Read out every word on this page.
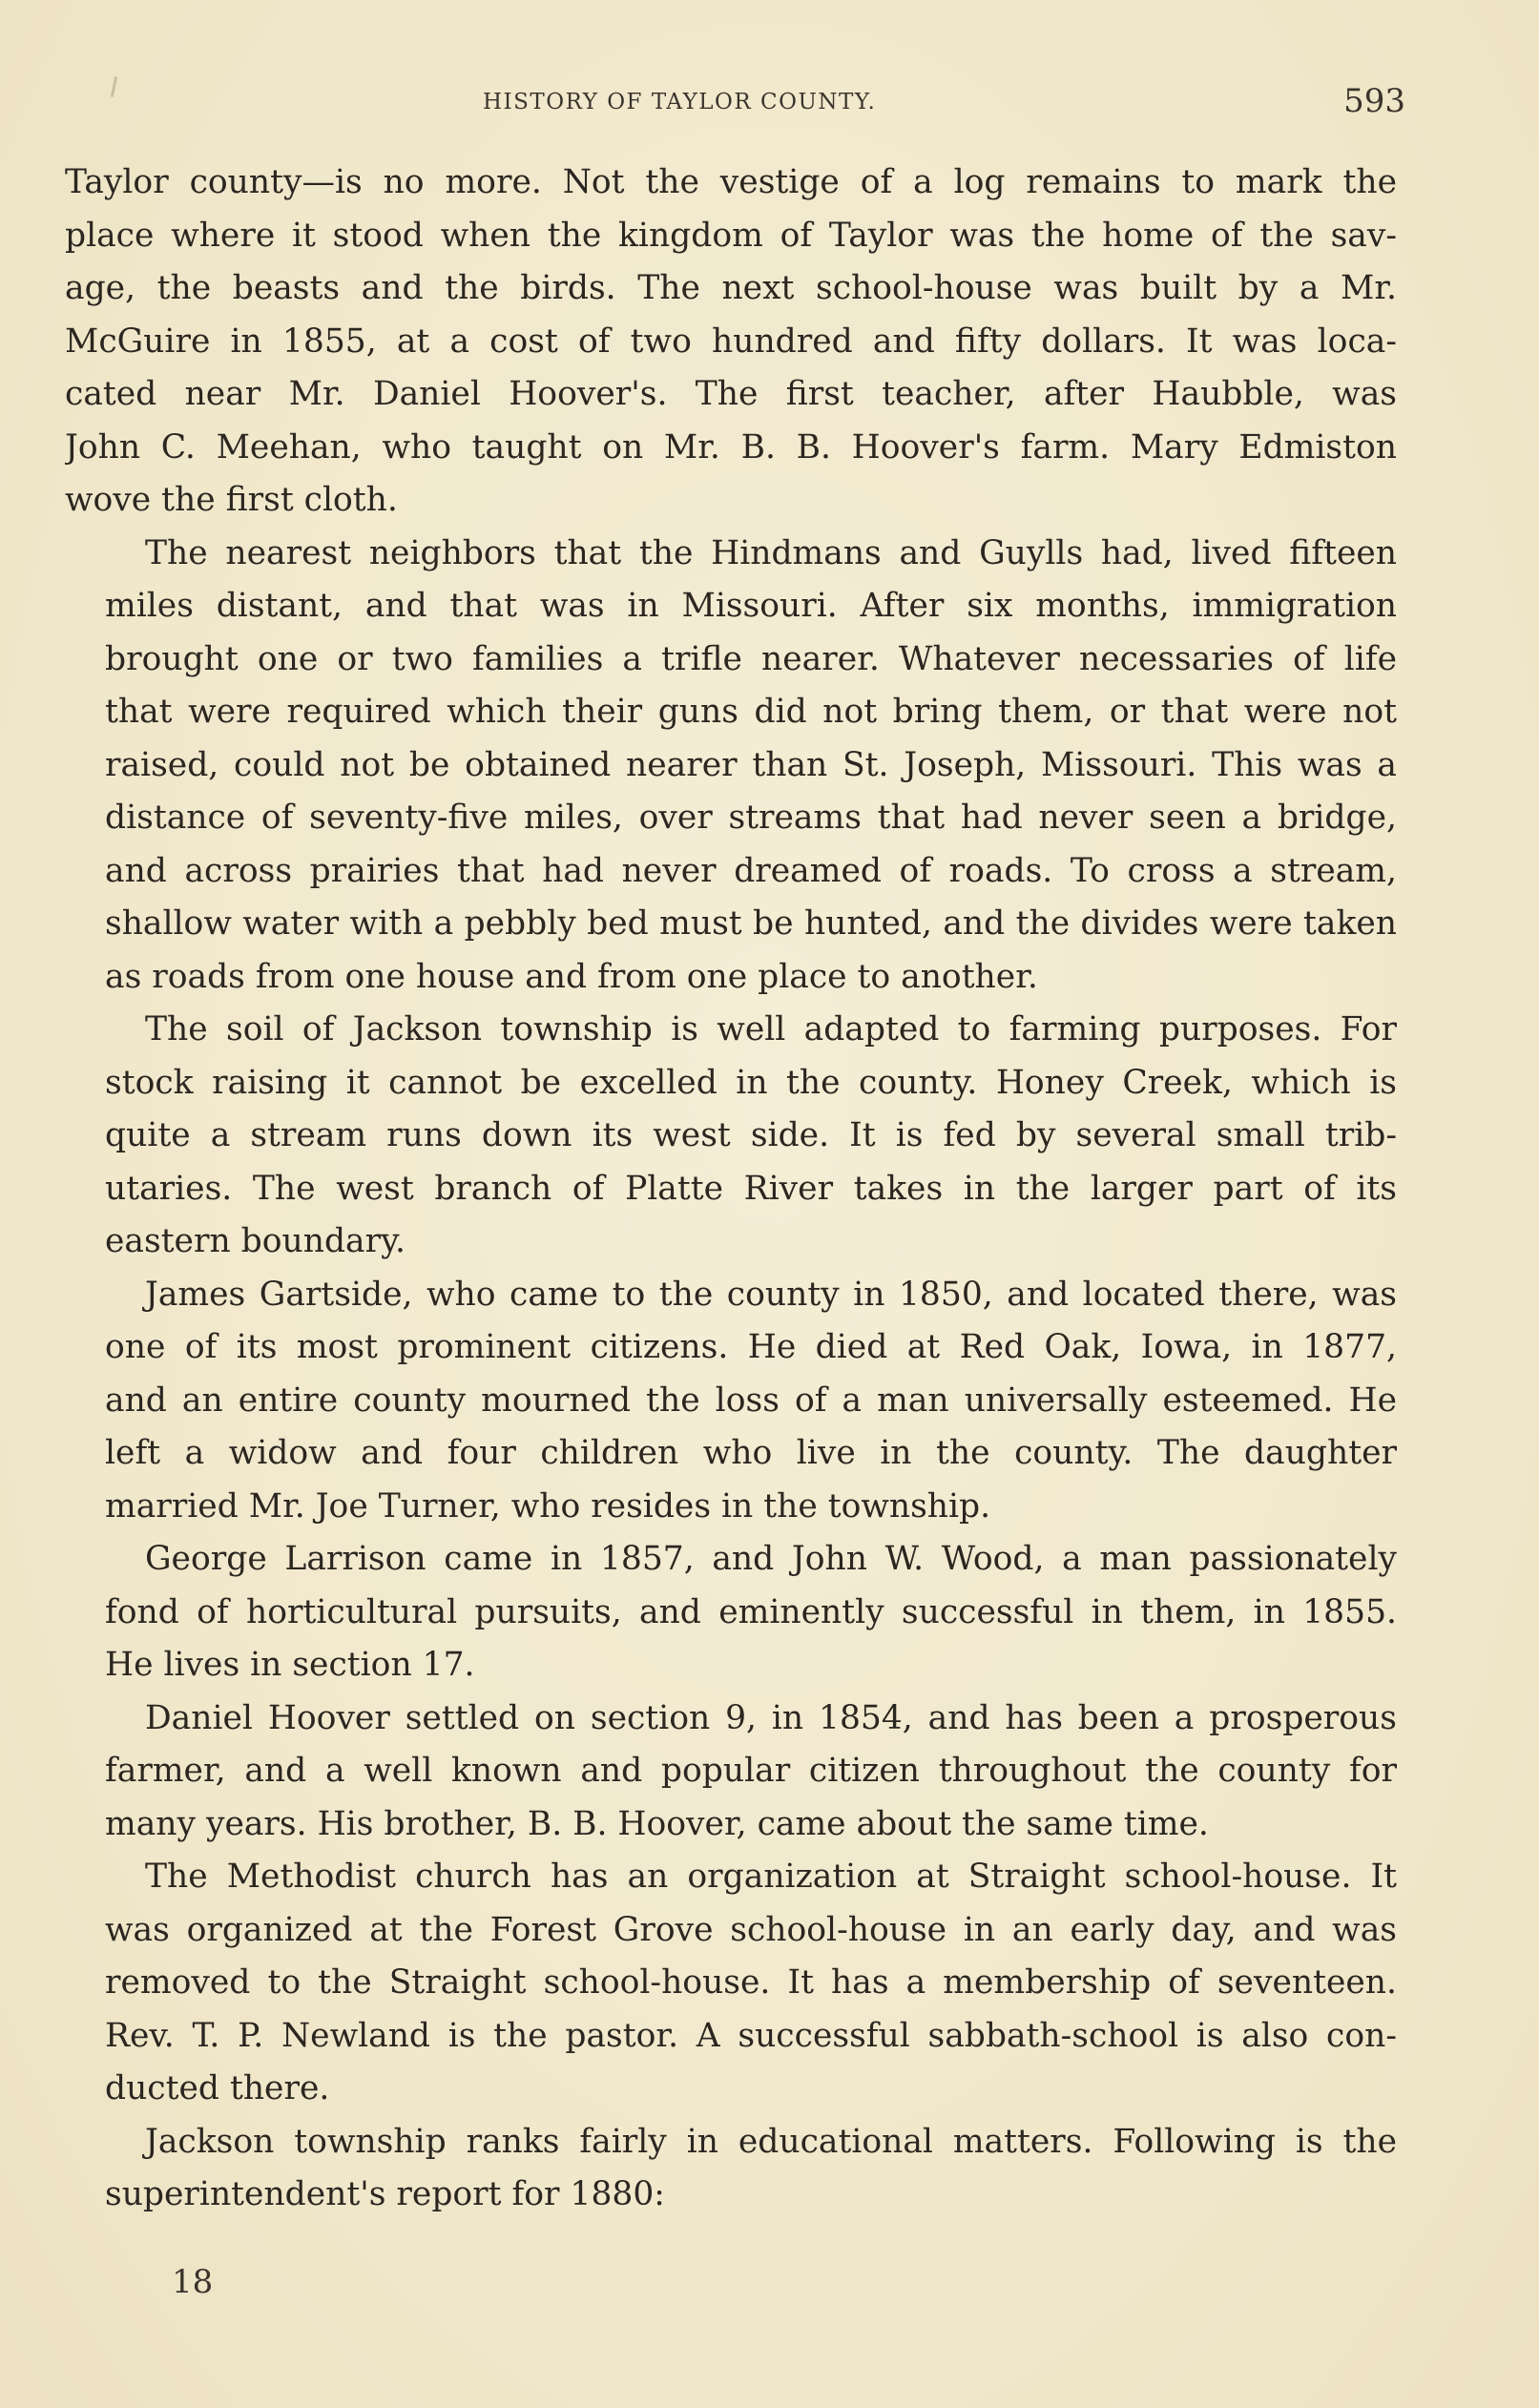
HISTORY OF TAYLOR COUNTY.	593
Taylor county—is no more. Not the vestige of a log remains to mark the
place where it stood when the kingdom of Taylor was the home of the sav-
age, the beasts and the birds. The next school-house was built by a Mr.
McGuire in 1855, at a cost of two hundred and fifty dollars. It was loca-
cated near Mr. Daniel Hoover's. The first teacher, after Haubble, was
John C. Meehan, who taught on Mr. B. B. Hoover's farm. Mary Edmiston
wove the first cloth.
The nearest neighbors that the Hindmans and Guylls had, lived fifteen
miles distant, and that was in Missouri. After six months, immigration
brought one or two families a trifle nearer. Whatever necessaries of life
that were required which their guns did not bring them, or that were not
raised, could not be obtained nearer than St. Joseph, Missouri. This was a
distance of seventy-five miles, over streams that had never seen a bridge,
and across prairies that had never dreamed of roads. To cross a stream,
shallow water with a pebbly bed must be hunted, and the divides were taken
as roads from one house and from one place to another.
The soil of Jackson township is well adapted to farming purposes. For
stock raising it cannot be excelled in the county. Honey Creek, which is
quite a stream runs down its west side. It is fed by several small trib-
utaries. The west branch of Platte River takes in the larger part of its
eastern boundary.
James Gartside, who came to the county in 1850, and located there, was
one of its most prominent citizens. He died at Red Oak, Iowa, in 1877,
and an entire county mourned the loss of a man universally esteemed. He
left a widow and four children who live in the county. The daughter
married Mr. Joe Turner, who resides in the township.
George Larrison came in 1857, and John W. Wood, a man passionately
fond of horticultural pursuits, and eminently successful in them, in 1855.
He lives in section 17.
Daniel Hoover settled on section 9, in 1854, and has been a prosperous
farmer, and a well known and popular citizen throughout the county for
many years. His brother, B. B. Hoover, came about the same time.
The Methodist church has an organization at Straight school-house. It
was organized at the Forest Grove school-house in an early day, and was
removed to the Straight school-house. It has a membership of seventeen.
Rev. T. P. Newland is the pastor. A successful sabbath-school is also con-
ducted there.
Jackson township ranks fairly in educational matters. Following is the
superintendent's report for 1880:
18
